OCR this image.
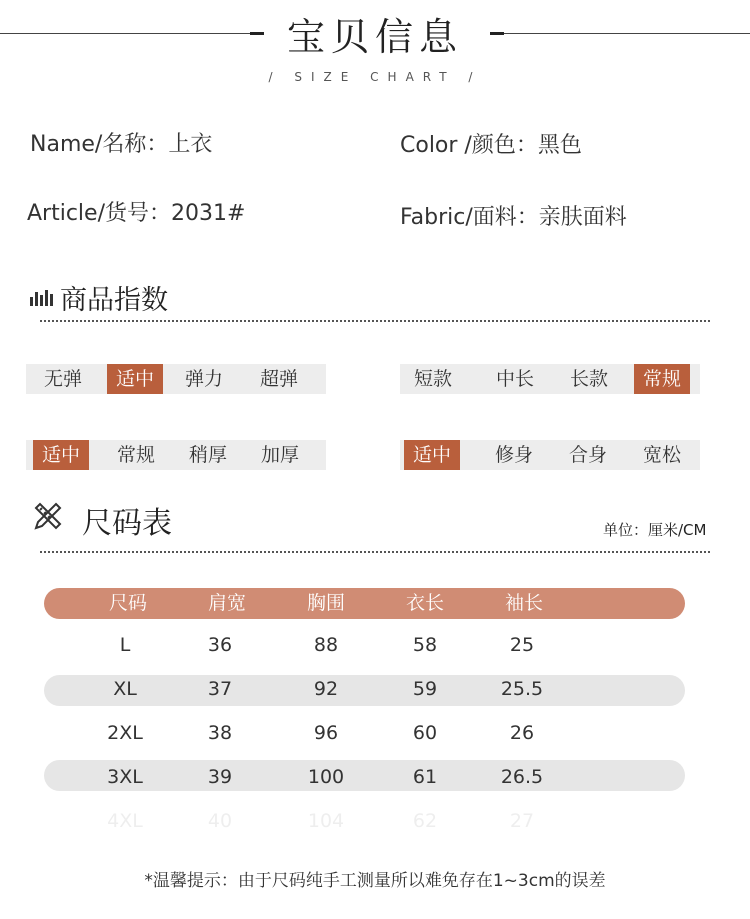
宝贝信息
/ SIZE CHART /
Name/名称：上衣	Color /颜色：黑色
Article/货号：2031#	Fabric/面料：亲肤面料
商品指数
无弹	适中	弹力	超弹	短款	中长	长款	常规
适中	常规	稍厚	加厚	适中	修身	合身	宽松
尺码表	单位：厘米/CM
尺码	肩宽	胸围	衣长	袖长
L	36	88	58	25
XL	37	92	59	25.5
2XL	38	96	60	26
3XL	39	100	61	26.5
4XL	40	104	62	27
*温馨提示：由于尺码纯手工测量所以难免存在1~3cm的误差
